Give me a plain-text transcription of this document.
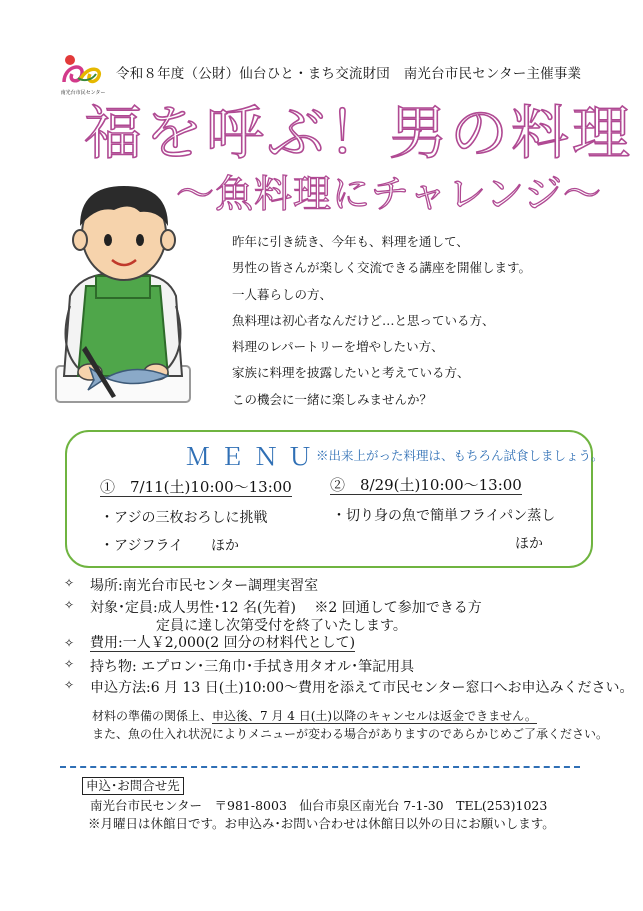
南光台市民センター
令和８年度（公財）仙台ひと・まち交流財団　南光台市民センター主催事業
福を呼ぶ！男の料理
～魚料理にチャレンジ～
昨年に引き続き、今年も、料理を通して、
男性の皆さんが楽しく交流できる講座を開催します。
一人暮らしの方、
魚料理は初心者なんだけど…と思っている方、
料理のレパートリーを増やしたい方、
家族に料理を披露したいと考えている方、
この機会に一緒に楽しみませんか？
ＭＥＮＵ
※出来上がった料理は、もちろん試食しましょう。
①　7/11(土)10:00～13:00	②　8/29(土)10:00～13:00
・アジの三枚おろしに挑戦
・アジフライ　　ほか
・切り身の魚で簡単フライパン蒸し
ほか
✧	場所:南光台市民センター調理実習室
✧	対象･定員:成人男性･12 名(先着)　 ※2 回通して参加できる方
定員に達し次第受付を終了いたします。
✧	費用:一人￥2,000(2 回分の材料代として)
✧	持ち物: エプロン･三角巾･手拭き用タオル･筆記用具
✧	申込方法:6 月 13 日(土)10:00～費用を添えて市民センター窓口へお申込みください。
材料の準備の関係上、申込後、7 月 4 日(土)以降のキャンセルは返金できません。
また、魚の仕入れ状況によりメニューが変わる場合がありますのであらかじめご了承ください。
申込･お問合せ先
南光台市民センター　〒981-8003　仙台市泉区南光台 7-1-30　TEL(253)1023
※月曜日は休館日です。お申込み･お問い合わせは休館日以外の日にお願いします。
